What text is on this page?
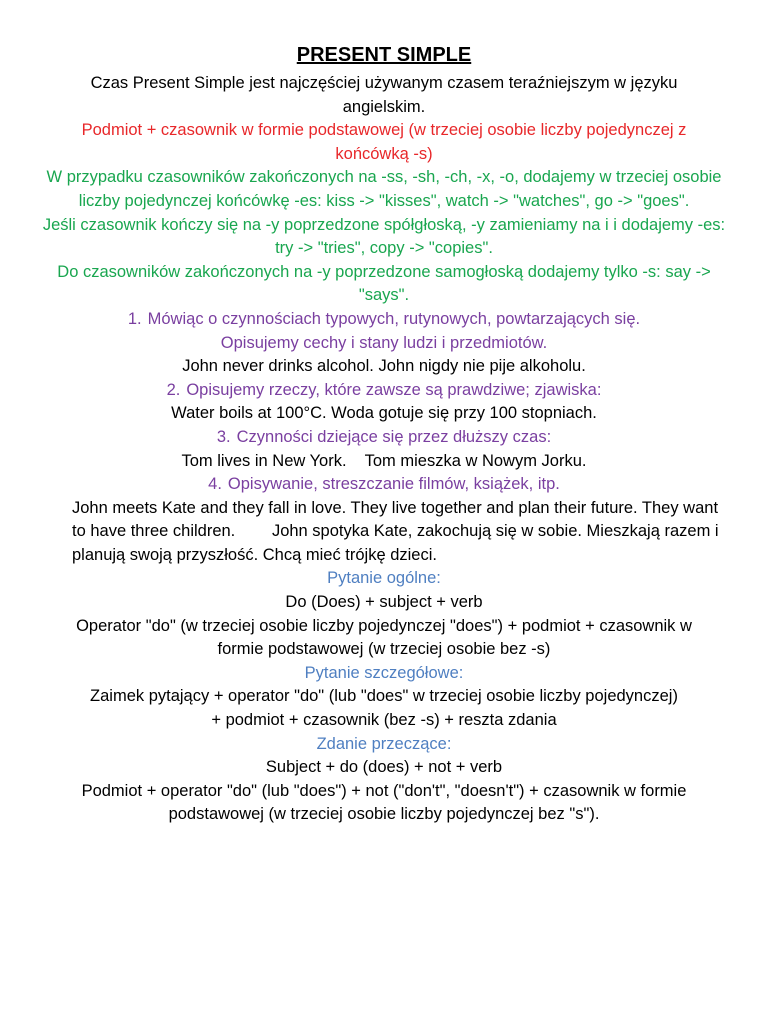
PRESENT SIMPLE
Czas Present Simple jest najczęściej używanym czasem teraźniejszym w języku angielskim.
Podmiot + czasownik w formie podstawowej (w trzeciej osobie liczby pojedynczej z końcówką -s)
W przypadku czasowników zakończonych na -ss, -sh, -ch, -x, -o, dodajemy w trzeciej osobie liczby pojedynczej końcówkę -es: kiss -> "kisses", watch -> "watches", go -> "goes".
Jeśli czasownik kończy się na -y poprzedzone spółgłoską, -y zamieniamy na i i dodajemy -es: try -> "tries", copy -> "copies".
Do czasowników zakończonych na -y poprzedzone samogłoską dodajemy tylko -s: say -> "says".
1. Mówiąc o czynnościach typowych, rutynowych, powtarzających się.
Opisujemy cechy i stany ludzi i przedmiotów.
John never drinks alcohol. John nigdy nie pije alkoholu.
2. Opisujemy rzeczy, które zawsze są prawdziwe; zjawiska:
Water boils at 100°C. Woda gotuje się przy 100 stopniach.
3. Czynności dziejące się przez dłuższy czas:
Tom lives in New York.    Tom mieszka w Nowym Jorku.
4. Opisywanie, streszczanie filmów, książek, itp.
John meets Kate and they fall in love. They live together and plan their future. They want to have three children.        John spotyka Kate, zakochują się w sobie. Mieszkają razem i planują swoją przyszłość. Chcą mieć trójkę dzieci.
Pytanie ogólne:
Do (Does) + subject + verb
Operator "do" (w trzeciej osobie liczby pojedynczej "does") + podmiot + czasownik w formie podstawowej (w trzeciej osobie bez -s)
Pytanie szczegółowe:
Zaimek pytający + operator "do" (lub "does" w trzeciej osobie liczby pojedynczej) + podmiot + czasownik (bez -s) + reszta zdania
Zdanie przeczące:
Subject + do (does) + not + verb
Podmiot + operator "do" (lub "does") + not ("don't", "doesn't") + czasownik w formie podstawowej (w trzeciej osobie liczby pojedynczej bez "s").
